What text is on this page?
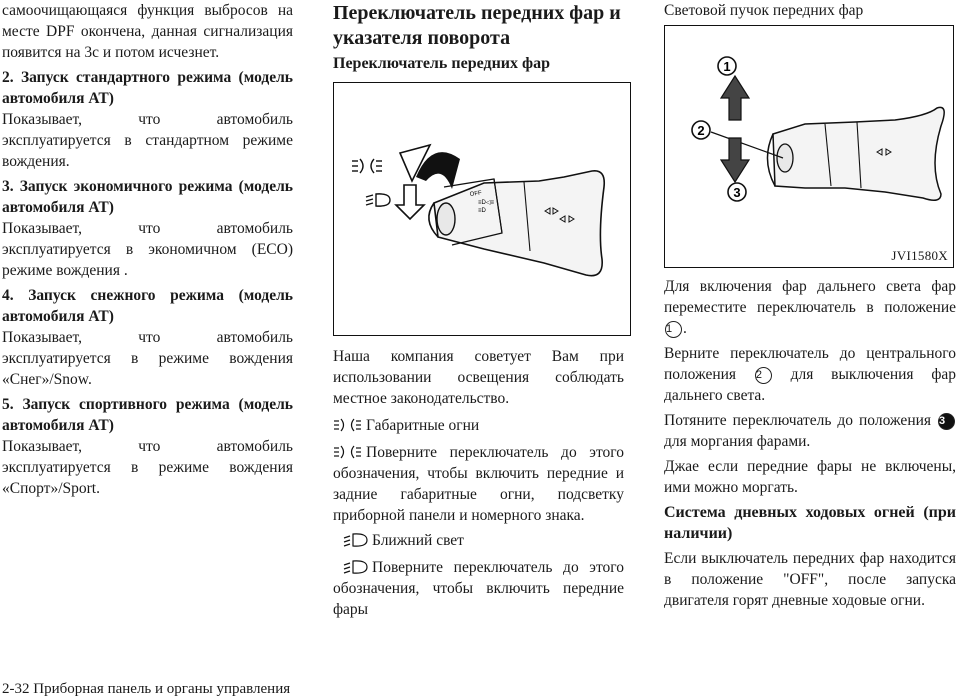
самоочищающаяся функция выбросов на месте DPF окончена, данная сигнализация появится на 3с и потом исчезнет.

2. Запуск стандартного режима (модель автомобиля AT)

Показывает, что автомобиль эксплуатируется в стандартном режиме вождения.

3. Запуск экономичного режима (модель автомобиля AT)

Показывает, что автомобиль эксплуатируется в экономичном (ECO) режиме вождения .

4. Запуск снежного режима (модель автомобиля AT)

Показывает, что автомобиль эксплуатируется в режиме вождения «Снег»/Snow.

5. Запуск спортивного режима (модель автомобиля AT)

Показывает, что автомобиль эксплуатируется в режиме вождения «Спорт»/Sport.

Переключатель передних фар и указателя поворота
Переключатель передних фар
OFF
≡D◁≡
≡D

Наша компания советует Вам при использовании освещения соблюдать местное законодательство.

Габаритные огни

Поверните переключатель до этого обозначения, чтобы включить передние и задние габаритные огни, подсветку приборной панели и номерного знака.

Ближний свет

Поверните переключатель до этого обозначения, чтобы включить передние фары

Световой пучок передних фар

1
2
3
JVI1580X

Для включения фар дальнего света фар переместите переключатель в положение 1 .

Верните переключатель до центрального положения 2 для выключения фар дальнего света.

Потяните переключатель до положения 3 для моргания фарами.

Джае если передние фары не включены, ими можно моргать.

Система дневных ходовых огней (при наличии)

Если выключатель передних фар находится в положение "OFF", после запуска двигателя горят дневные ходовые огни.

2-32 Приборная панель и органы управления
